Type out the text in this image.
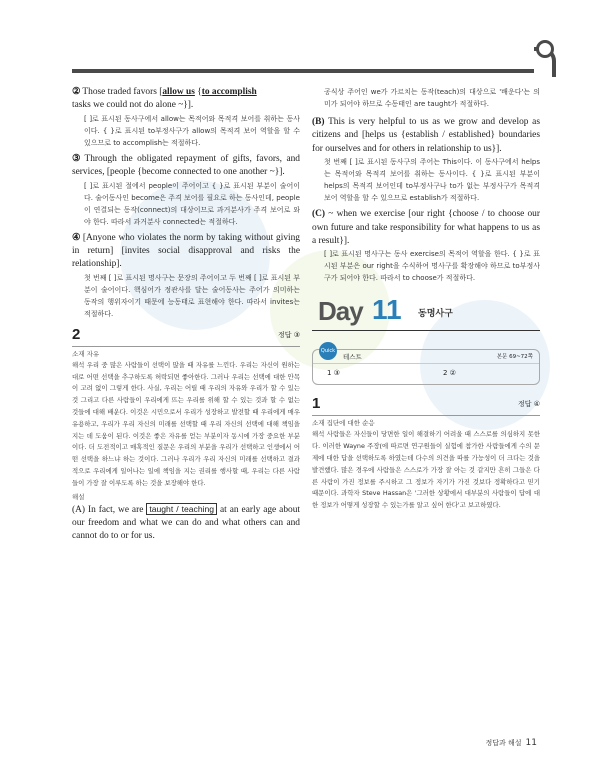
② Those traded favors [allow us {to accomplish
tasks we could not do alone ~}].

[ ]로 표시된 동사구에서 allow는 목적어와 목적격 보어를 취하는 동사이다. { }로 표시된 to부정사구가 allow의 목적격 보어 역할을 할 수 있으므로 to accomplish는 적절하다.

③ Through the obligated repayment of gifts, favors, and services, [people {become connected to one another ~}].

[ ]로 표시된 절에서 people이 주어이고 { }로 표시된 부분이 술어이다. 술어동사인 become은 주격 보어를 필요로 하는 동사인데, people이 연결되는 동작(connect)의 대상이므로 과거분사가 주격 보어로 와야 한다. 따라서 과거분사 connected는 적절하다.

④ [Anyone who violates the norm by taking without giving in return] [invites social disapproval and risks the relationship].

첫 번째 [ ]로 표시된 명사구는 문장의 주어이고 두 번째 [ ]로 표시된 부분이 술어이다. 핵심어가 정관사를 달는 술어동사는 주어가 의미하는 동작의 행위자이기 때문에 능동태로 표현해야 한다. 따라서 invites는 적절하다.

2	정답 ③

소재 자유

해석 우리 중 많은 사람들이 선택이 많을 때 자유를 느낀다. 우리는 자신이 원하는 대로 어떤 선택을 추구하도록 허락되면 좋아한다. 그러나 우리는 선택에 대한 안목이 고려 없이 그렇게 한다. 사실, 우리는 어릴 때 우리의 자유와 우리가 할 수 있는 것 그리고 다른 사람들이 우리에게 뜨는 우리를 위해 할 수 있는 것과 할 수 없는 것들에 대해 배운다. 이것은 시민으로서 우리가 성장하고 발전할 때 우리에게 매우 유용하고, 우리가 우리 자신의 미래를 선택할 때 우리 자신의 선택에 대해 책임을 지는 데 도움이 된다. 이것은 좋은 자유를 얻는 부분이자 동시에 가장 중요한 부분이다. 더 도전적이고 매혹적인 질문은 우리의 부분을 우리가 선택하고 인생에서 어떤 선택을 하느냐 하는 것이다. 그러나 우리가 우리 자신의 미래를 선택하고 결과적으로 우리에게 일어나는 일에 책임을 지는 권리를 행사할 때, 우리는 다른 사람들이 가장 잘 이루도록 하는 것을 보장해야 한다.

해설

(A) In fact, we are taught / teaching at an early age about our freedom and what we can do and what others can and cannot do to or for us.

공식상 주어인 we가 가르치는 동작(teach)의 대상으로 '배운다'는 의미가 되어야 하므로 수동태인 are taught가 적절하다.

(B) This is very helpful to us as we grow and develop as citizens and [helps us {establish / established} boundaries for ourselves and for others in relationship to us}].

첫 번째 [ ]로 표시된 동사구의 주어는 This이다. 이 동사구에서 helps는 목적어와 목적격 보어를 취하는 동사이다. { }로 표시된 부분이 helps의 목적격 보어인데 to부정사구나 to가 없는 부정사구가 목적격 보어 역할을 할 수 있으므로 establish가 적절하다.

(C) ~ when we exercise [our right {choose / to choose our own future and take responsibility for what happens to us as a result}].

[ ]로 표시된 명사구는 동사 exercise의 목적어 역할을 한다. { }로 표시된 부분은 our right을 수식하여 명사구를 확장해야 하므로 to부정사구가 되어야 한다. 따라서 to choose가 적절하다.

Day 11 동명사구
Quick
테스트	본문 69~72쪽
1 ③	2 ②
1	정답 ④

소재 집단에 대한 순응

해석 사람들은 자신들이 당면한 일이 해결하기 어려울 때 스스로를 의심하지 못한다. 이러한 Wayne 주장(에 따르면 연구원들이 실험에 참가한 사람들에게 수의 문제에 대한 답을 선택하도록 하였는데 다수의 의견을 따를 가능성이 더 크다는 것을 발견했다. 많은 경우에 사람들은 스스로가 가장 잘 아는 것 같지만 흔히 그들은 다른 사람이 가진 정보를 주시하고 그 정보가 자기가 가진 것보다 정확하다고 믿기 때문이다. 과학자 Steve Hassan은 '그러한 상황에서 대부분의 사람들이 답에 대한 정보가 어떻게 성장할 수 있는가를 알고 싶어 한다'고 보고하였다.

정답과 해설 11
